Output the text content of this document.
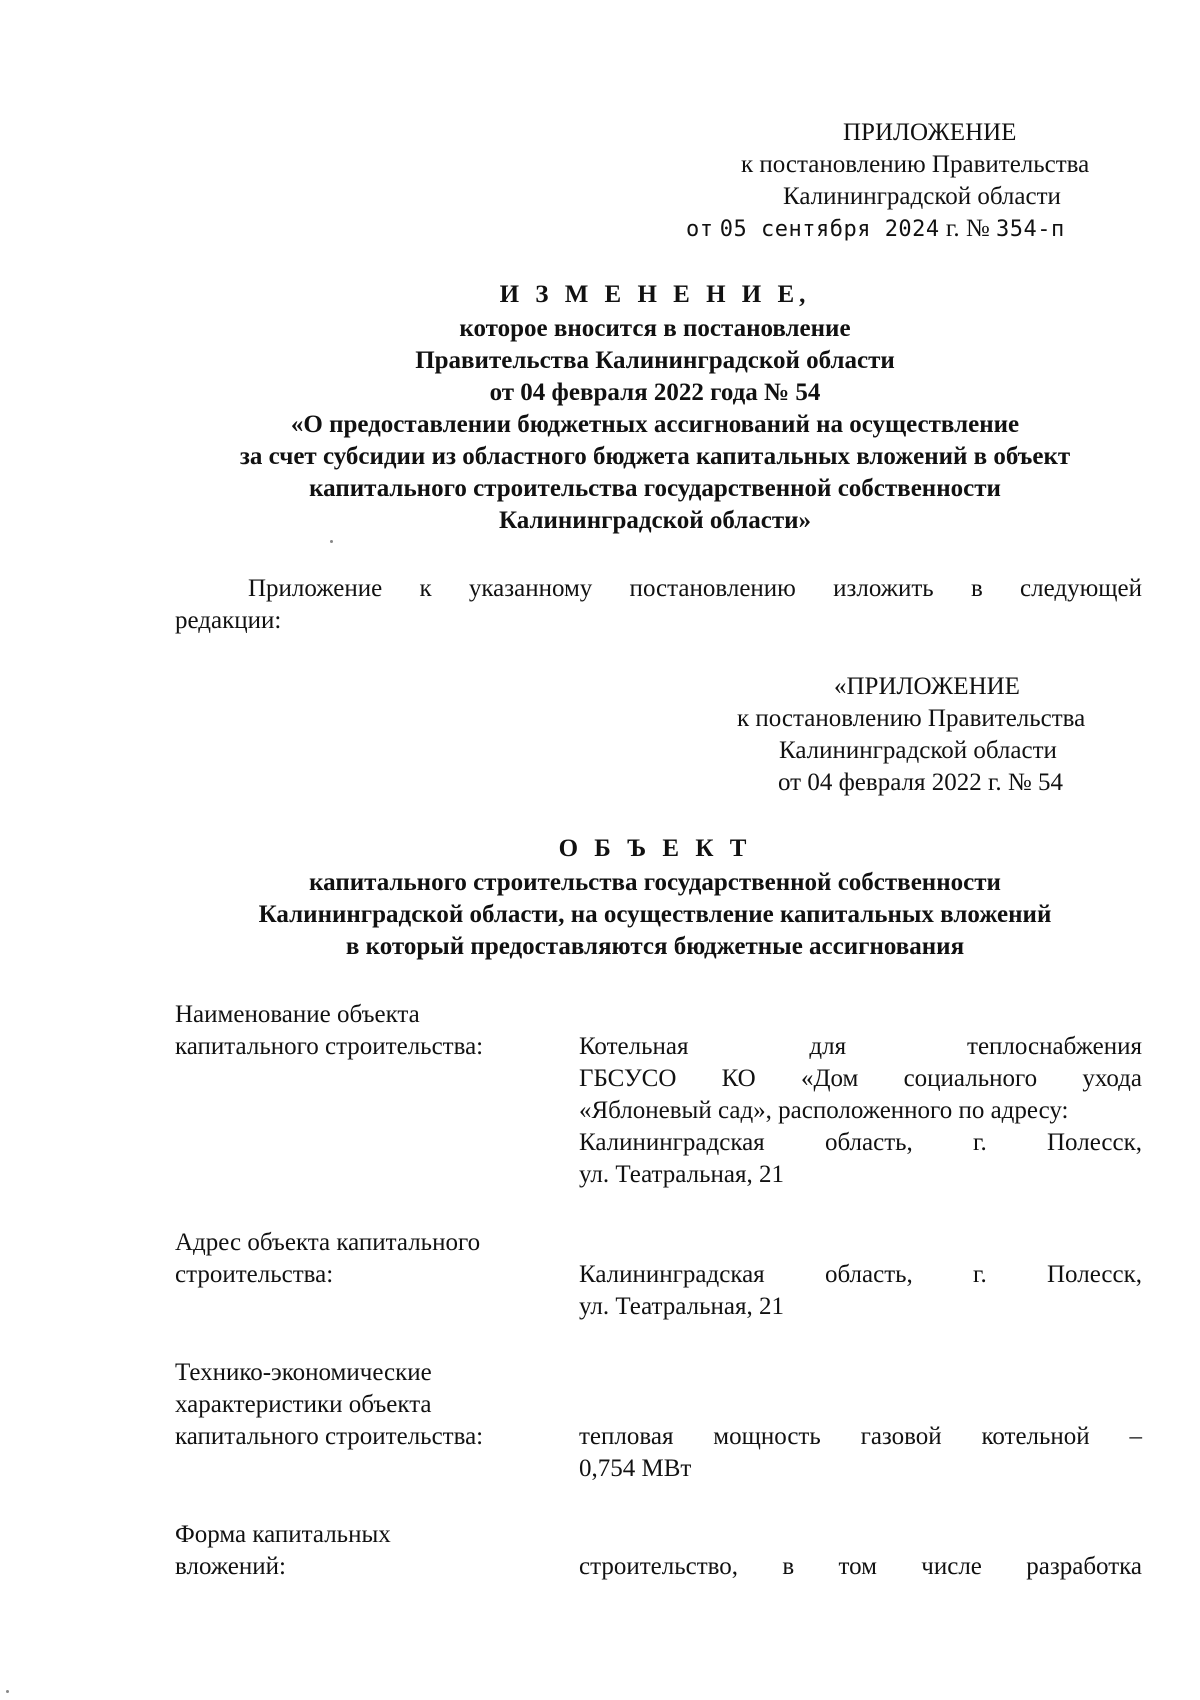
ПРИЛОЖЕНИЕ
к постановлению Правительства
Калининградской области
от 05 сентября 2024 г. № 354-п
И З М Е Н Е Н И Е,
которое вносится в постановление
Правительства Калининградской области
от 04 февраля 2022 года № 54
«О предоставлении бюджетных ассигнований на осуществление
за счет субсидии из областного бюджета капитальных вложений в объект
капитального строительства государственной собственности
Калининградской области»
Приложение к указанному постановлению изложить в следующей
редакции:
«ПРИЛОЖЕНИЕ
к постановлению Правительства
Калининградской области
от 04 февраля 2022 г. № 54
О Б Ъ Е К Т
капитального строительства государственной собственности
Калининградской области, на осуществление капитальных вложений
в который предоставляются бюджетные ассигнования
Наименование объекта
капитального строительства:	Котельная для теплоснабжения
ГБСУСО КО «Дом социального ухода
«Яблоневый сад», расположенного по адресу:
Калининградская область, г. Полесск,
ул. Театральная, 21
Адрес объекта капитального
строительства:	Калининградская область, г. Полесск,
ул. Театральная, 21
Технико-экономические
характеристики объекта
капитального строительства:	тепловая мощность газовой котельной –
0,754 МВт
Форма капитальных
вложений:	строительство, в том числе разработка
